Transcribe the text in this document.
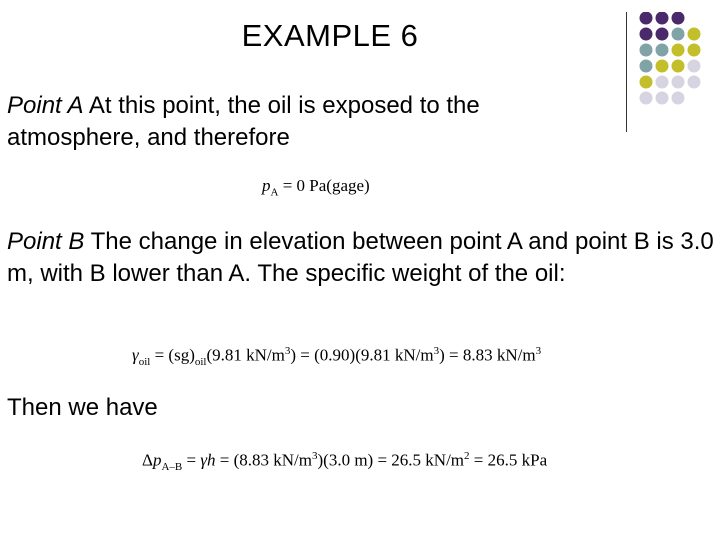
EXAMPLE 6

Point A At this point, the oil is exposed to the atmosphere, and therefore

$p_A = 0$ Pa(gage)

Point B The change in elevation between point A and point B is 3.0 m, with B lower than A. The specific weight of the oil:

$\gamma_{oil} = (sg)_{oil}(9.81$ $kN/m^3) = (0.90)(9.81$ $kN/m^3) = 8.83$ $kN/m^3$

Then we have

$\Delta p_{A-B} = \gamma h = (8.83$ $kN/m^3)(3.0$ m) = 26.5 $kN/m^2 = 26.5$ kPa
